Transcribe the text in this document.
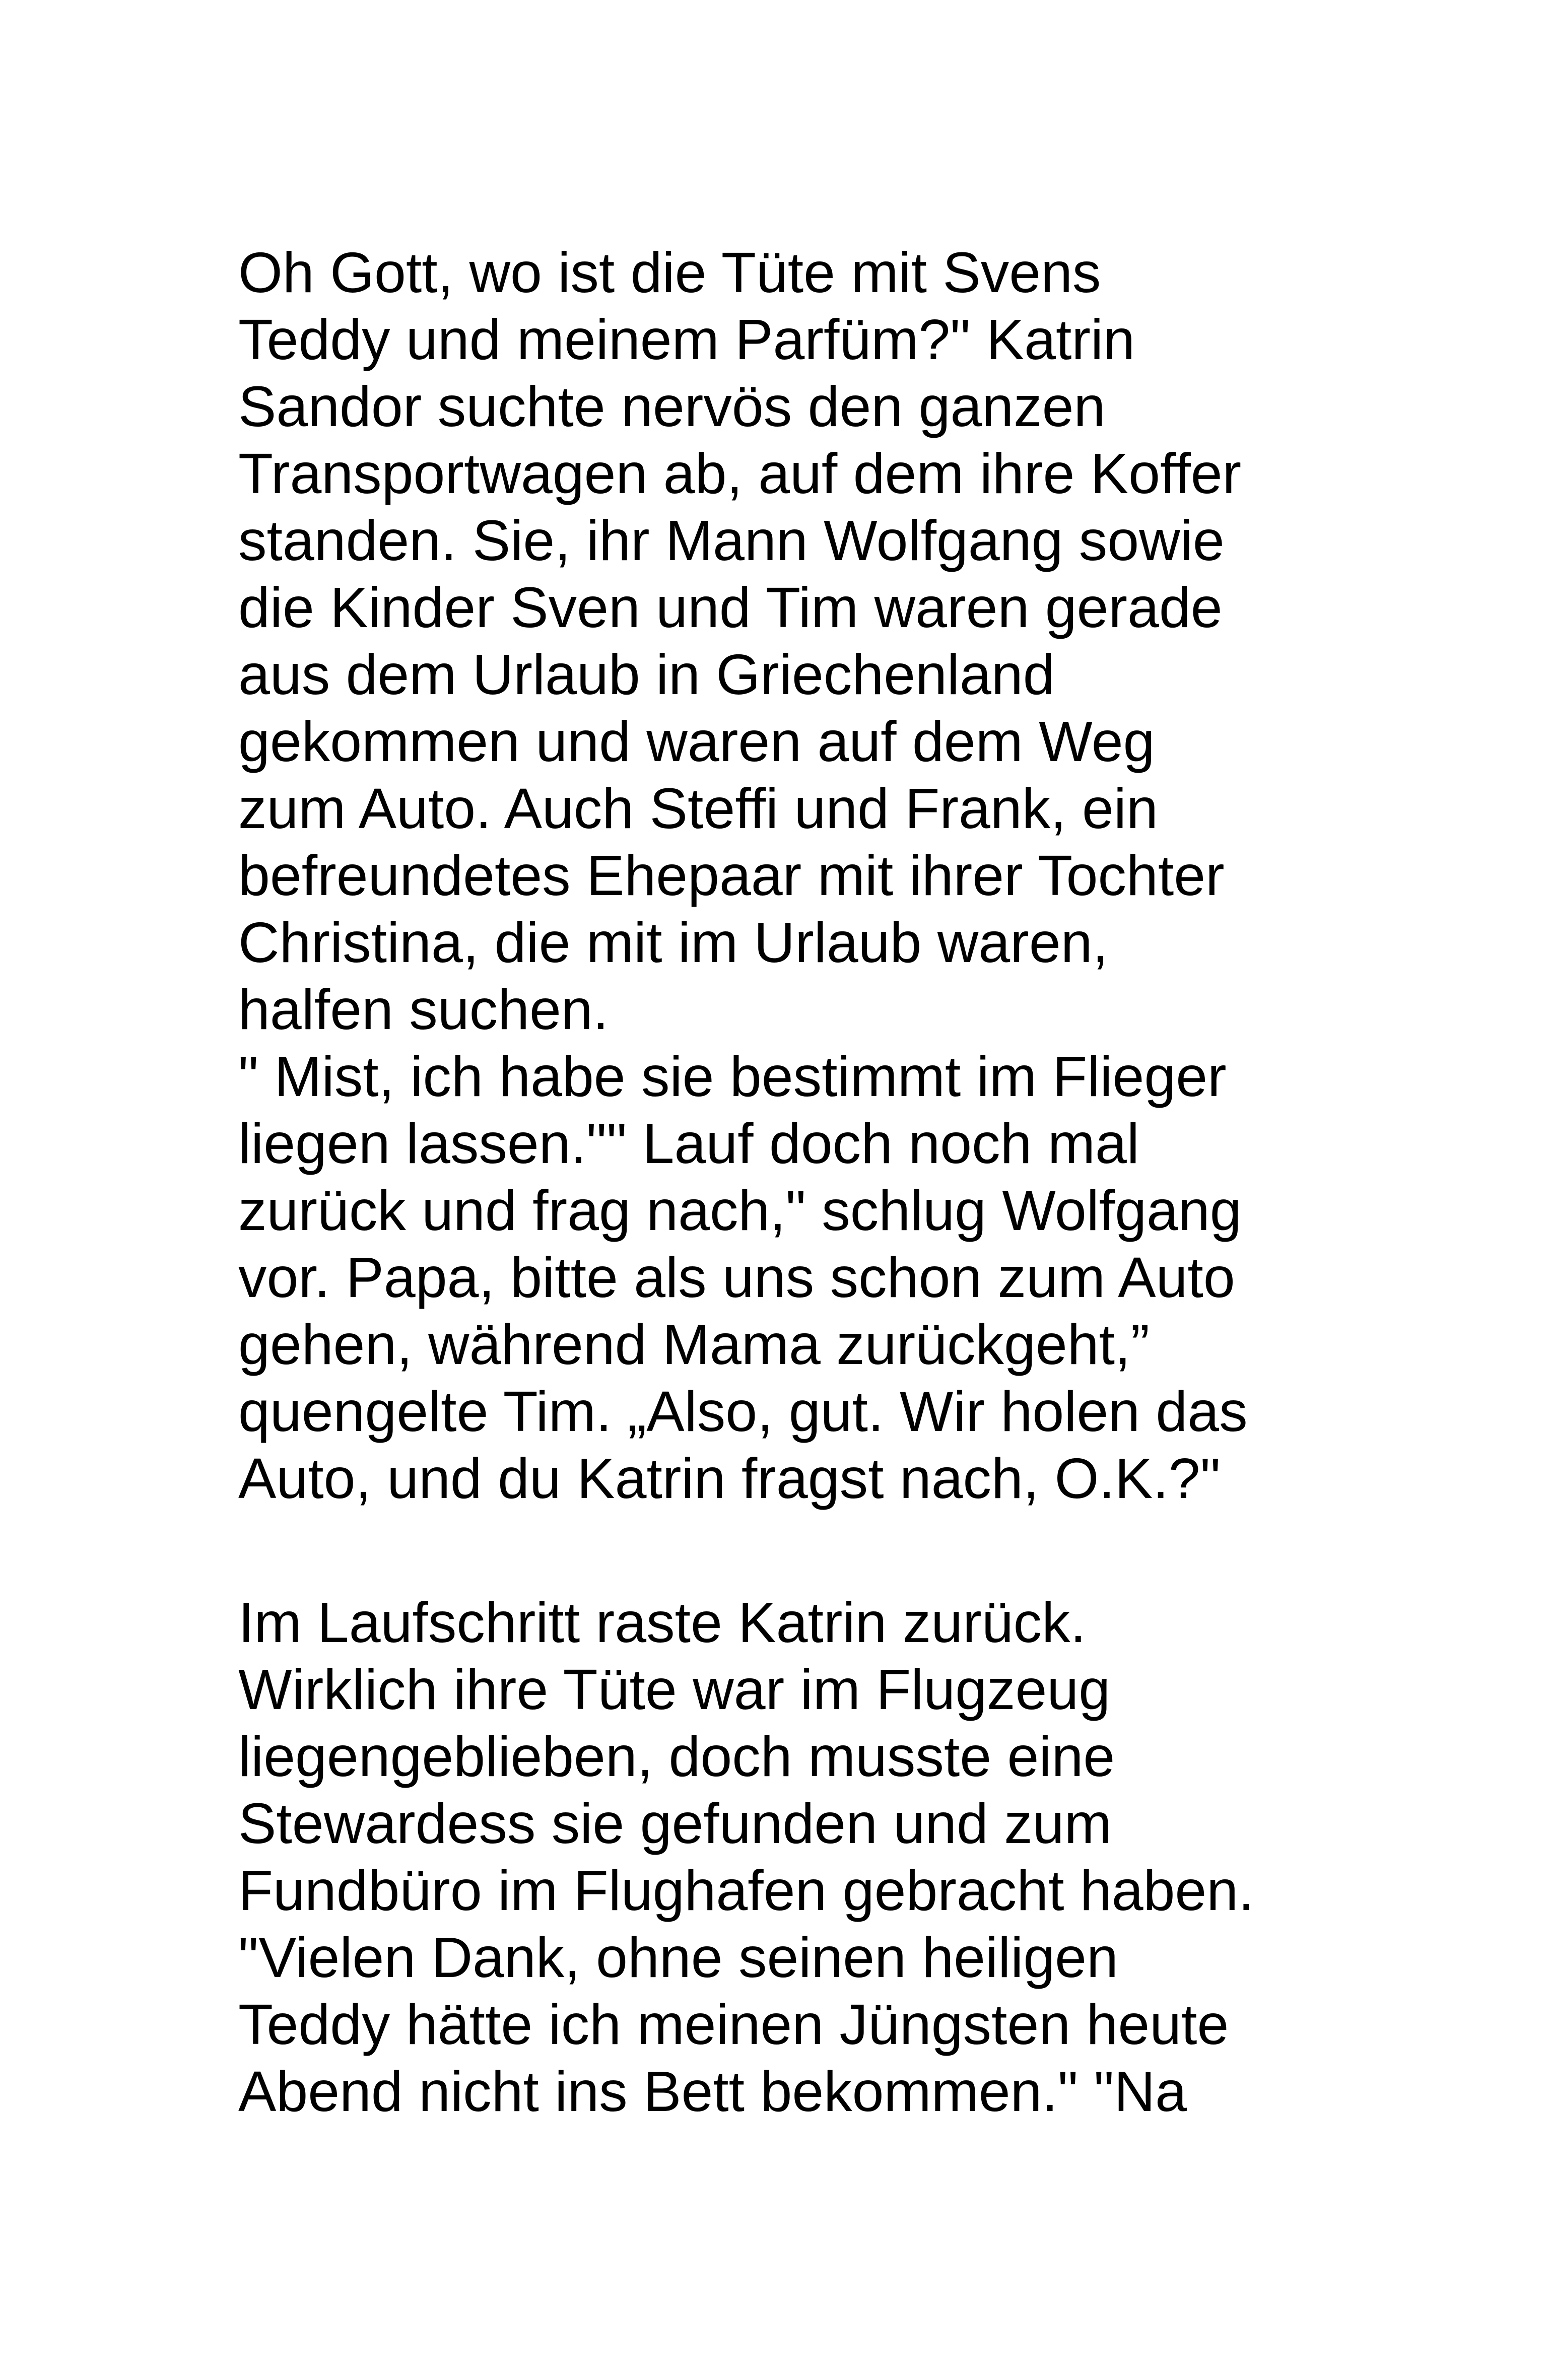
Oh Gott, wo ist die Tüte mit Svens
Teddy und meinem Parfüm?" Katrin
Sandor suchte nervös den ganzen
Transportwagen ab, auf dem ihre Koffer
standen. Sie, ihr Mann Wolfgang sowie
die Kinder Sven und Tim waren gerade
aus dem Urlaub in Griechenland
gekommen und waren auf dem Weg
zum Auto. Auch Steffi und Frank, ein
befreundetes Ehepaar mit ihrer Tochter
Christina, die mit im Urlaub waren,
halfen suchen.
" Mist, ich habe sie bestimmt im Flieger
liegen lassen."" Lauf doch noch mal
zurück und frag nach," schlug Wolfgang
vor. Papa, bitte als uns schon zum Auto
gehen, während Mama zurückgeht,”
quengelte Tim. „Also, gut. Wir holen das
Auto, und du Katrin fragst nach, O.K.?"
Im Laufschritt raste Katrin zurück.
Wirklich ihre Tüte war im Flugzeug
liegengeblieben, doch musste eine
Stewardess sie gefunden und zum
Fundbüro im Flughafen gebracht haben.
"Vielen Dank, ohne seinen heiligen
Teddy hätte ich meinen Jüngsten heute
Abend nicht ins Bett bekommen." "Na
